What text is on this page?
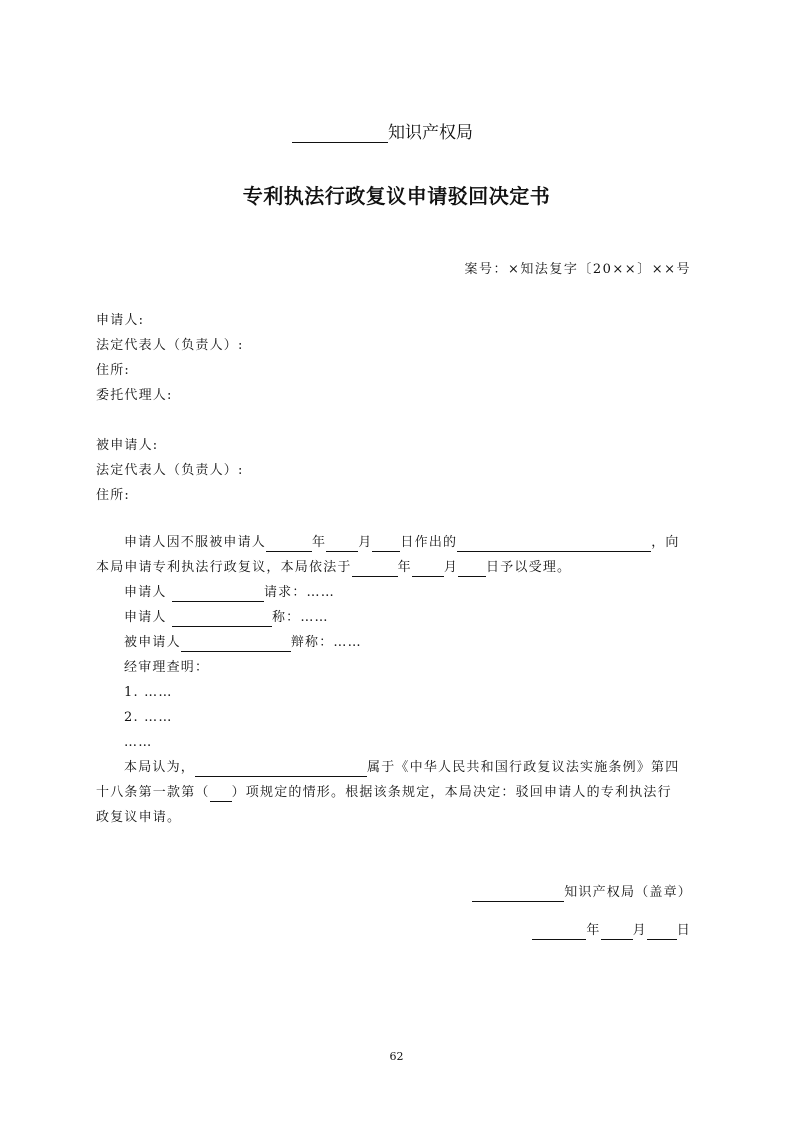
知识产权局
专利执法行政复议申请驳回决定书
案号：×知法复字〔20××〕××号
申请人:
法定代表人（负责人）:
住所:
委托代理人:
被申请人:
法定代表人（负责人）:
住所:
申请人因不服被申请人	年 月 日作出的	，向
本局申请专利执法行政复议，本局依法于	年 月 日予以受理。
申请人	请求：……
申请人	称：……
被申请人	辩称：……
经审理查明：
1. ……
2. ……
……
本局认为，	属于《中华人民共和国行政复议法实施条例》第四
十八条第一款第（ ）项规定的情形。根据该条规定，本局决定：驳回申请人的专利执法行
政复议申请。
知识产权局（盖章）
年 月 日
62
